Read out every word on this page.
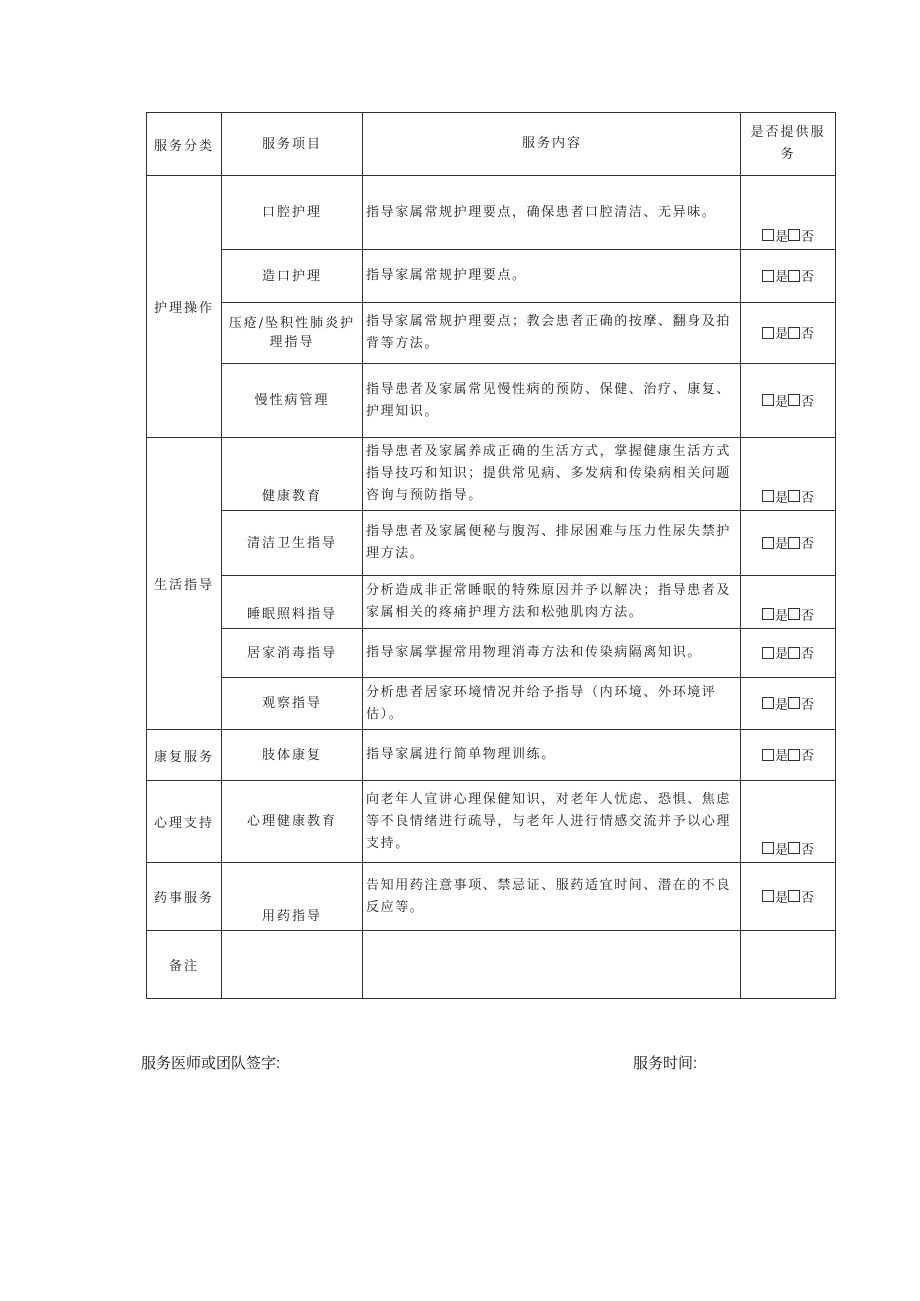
服务分类	服务项目	服务内容	是否提供服务
护理操作	口腔护理	指导家属常规护理要点，确保患者口腔清洁、无异味。	是 否

	造口护理	指导家属常规护理要点。	是 否

	压疮/坠积性肺炎护理指导	指导家属常规护理要点；教会患者正确的按摩、翻身及拍背等方法。	是 否

	慢性病管理	指导患者及家属常见慢性病的预防、保健、治疗、康复、护理知识。	是 否

生活指导	健康教育	指导患者及家属养成正确的生活方式，掌握健康生活方式指导技巧和知识；提供常见病、多发病和传染病相关问题咨询与预防指导。	是 否

	清洁卫生指导	指导患者及家属便秘与腹泻、排尿困难与压力性尿失禁护理方法。	是 否

	睡眠照料指导	分析造成非正常睡眠的特殊原因并予以解决；指导患者及家属相关的疼痛护理方法和松弛肌肉方法。	是 否

	居家消毒指导	指导家属掌握常用物理消毒方法和传染病隔离知识。	是 否

	观察指导	分析患者居家环境情况并给予指导（内环境、外环境评估）。	是 否

康复服务	肢体康复	指导家属进行简单物理训练。	是 否

心理支持	心理健康教育	向老年人宣讲心理保健知识，对老年人忧虑、恐惧、焦虑等不良情绪进行疏导，与老年人进行情感交流并予以心理支持。	是 否

药事服务	用药指导	告知用药注意事项、禁忌证、服药适宜时间、潜在的不良反应等。	是 否

备注			
服务医师或团队签字:	服务时间:
